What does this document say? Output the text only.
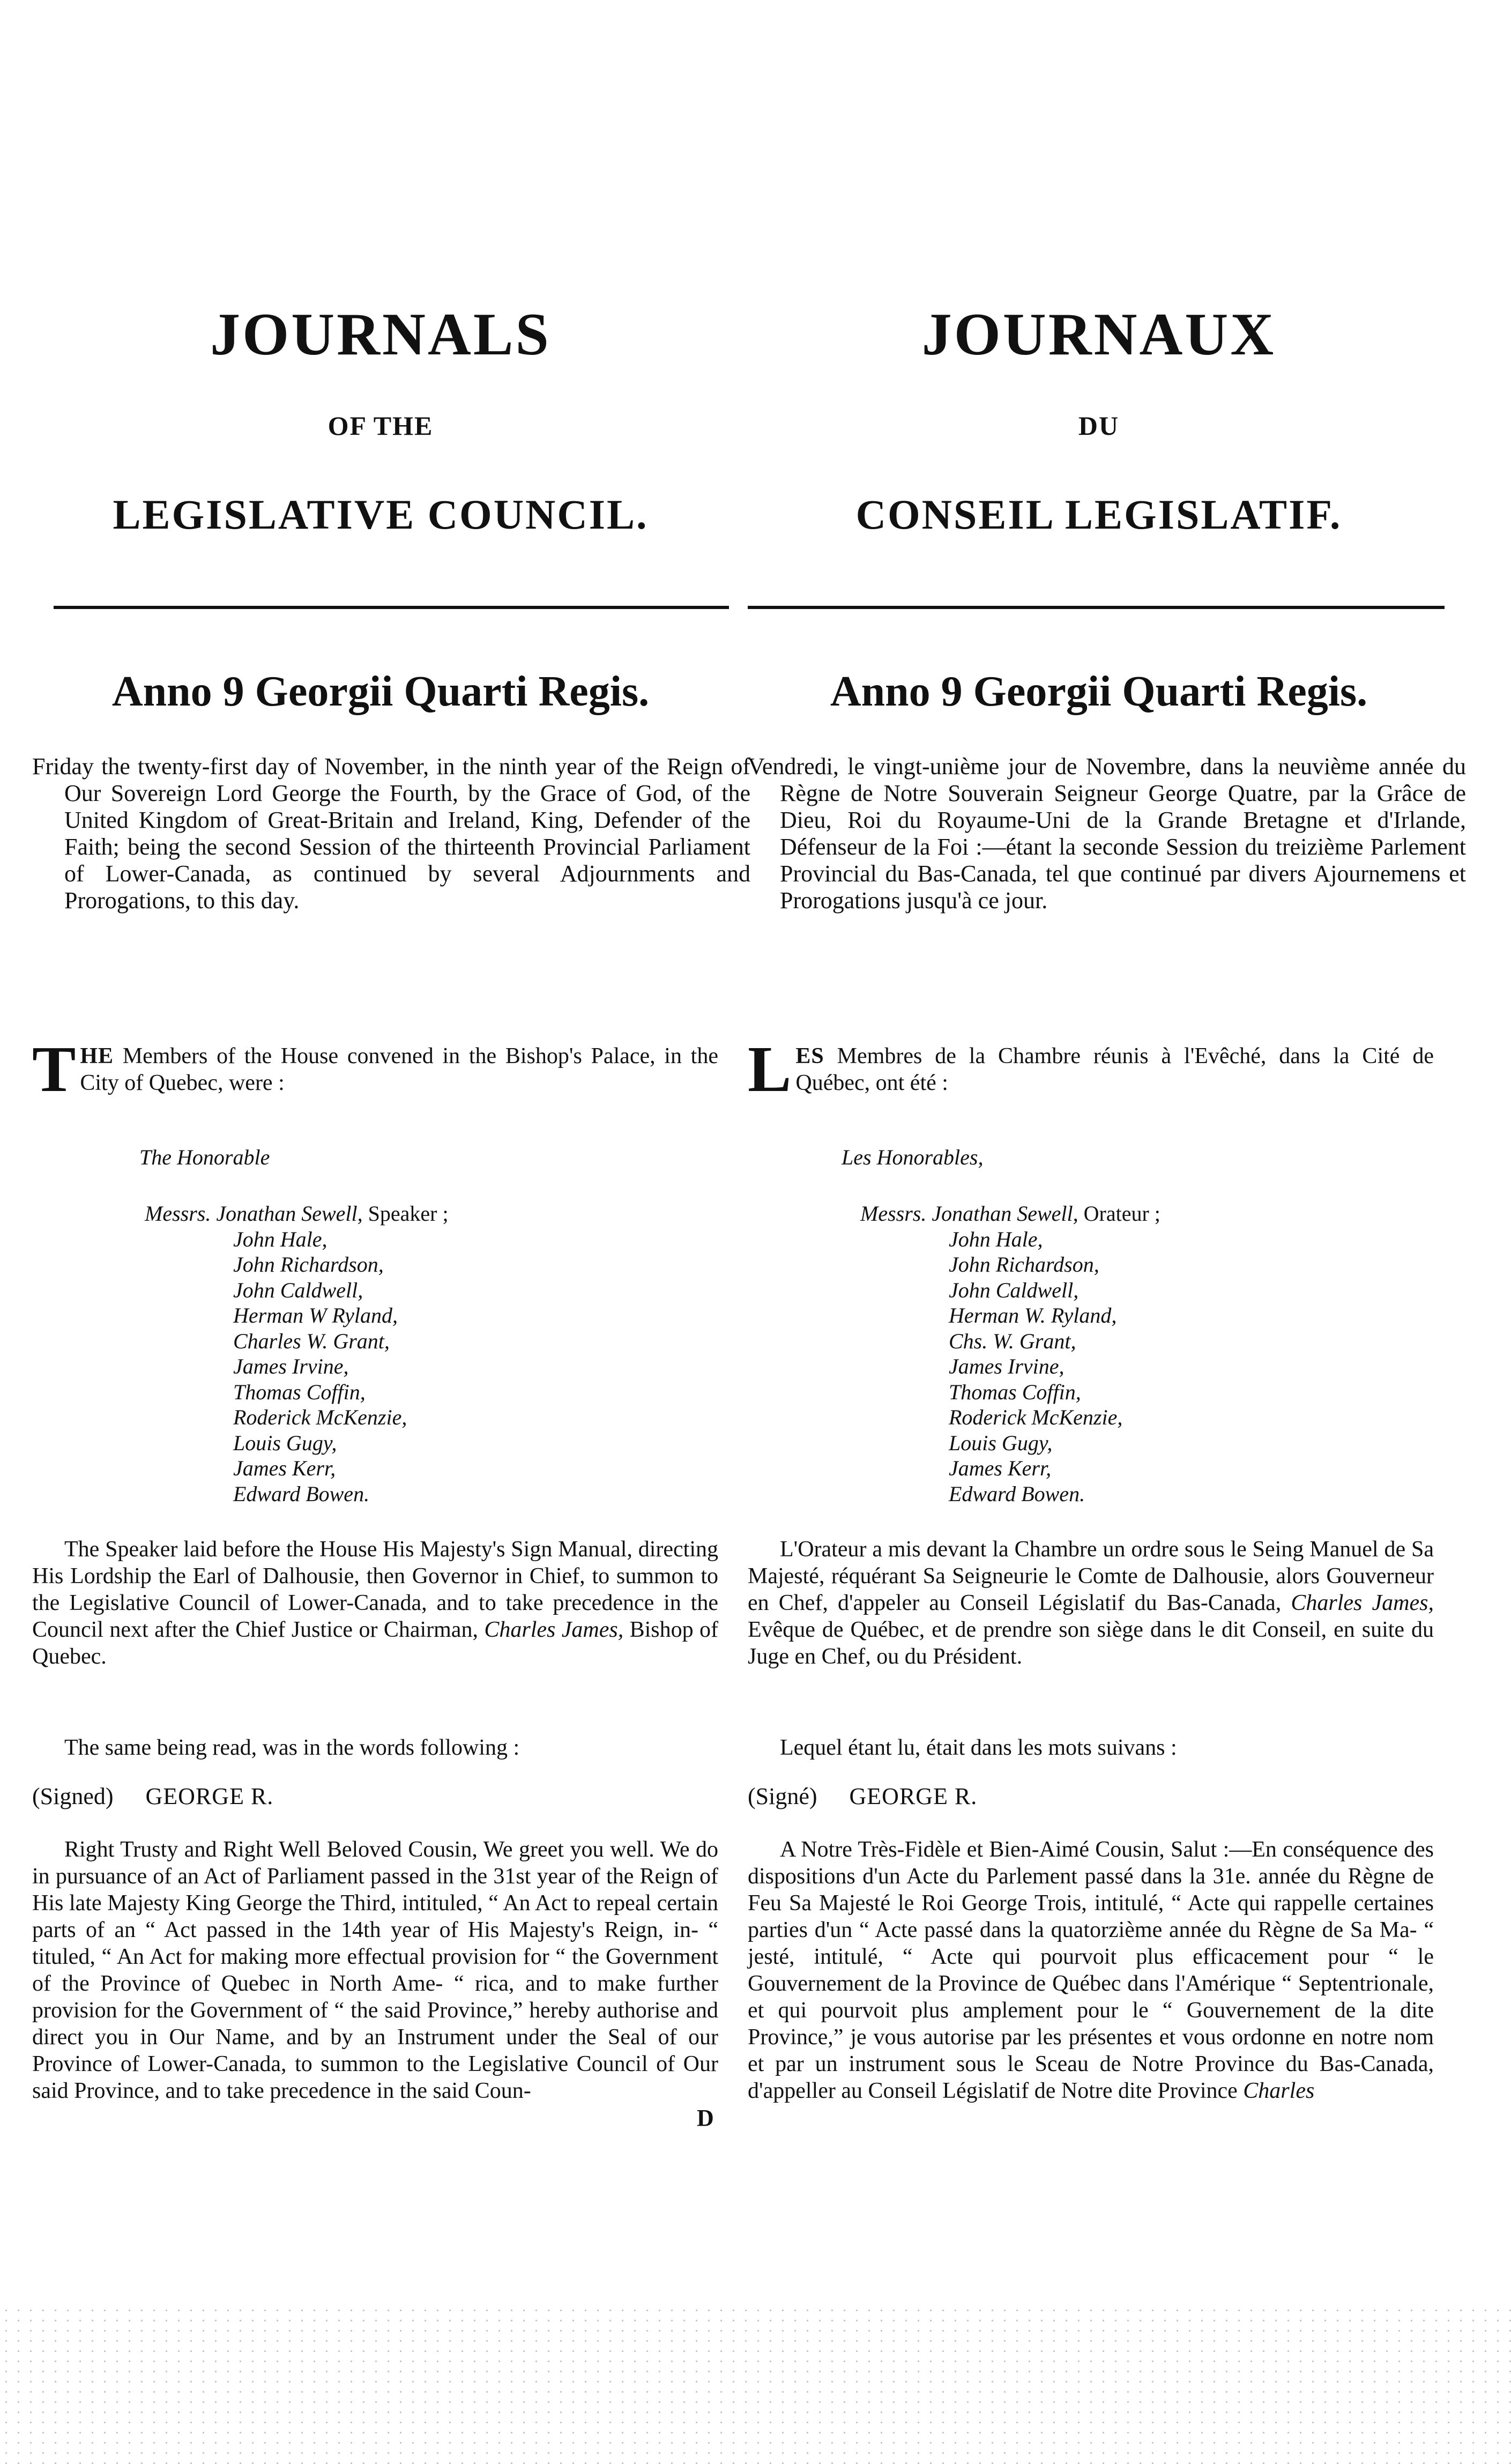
JOURNALS
OF THE
LEGISLATIVE COUNCIL.
Anno 9 Georgii Quarti Regis.
Friday the twenty-first day of November, in the ninth year of the Reign of Our Sovereign Lord George the Fourth, by the Grace of God, of the United Kingdom of Great-Britain and Ireland, King, Defender of the Faith; being the second Session of the thirteenth Provincial Parliament of Lower-Canada, as continued by several Adjournments and Prorogations, to this day.
THE Members of the House convened in the Bishop's Palace, in the City of Quebec, were :
The Honorable
Messrs. Jonathan Sewell, Speaker ;
John Hale,
John Richardson,
John Caldwell,
Herman W Ryland,
Charles W. Grant,
James Irvine,
Thomas Coffin,
Roderick McKenzie,
Louis Gugy,
James Kerr,
Edward Bowen.

The Speaker laid before the House His Majesty's Sign Manual, directing His Lordship the Earl of Dalhousie, then Governor in Chief, to summon to the Legislative Council of Lower-Canada, and to take precedence in the Council next after the Chief Justice or Chairman, Charles James, Bishop of Quebec.

The same being read, was in the words following :

(Signed) GEORGE R.

Right Trusty and Right Well Beloved Cousin, We greet you well. We do in pursuance of an Act of Parliament passed in the 31st year of the Reign of His late Majesty King George the Third, intituled, “ An Act to repeal certain parts of an “ Act passed in the 14th year of His Majesty's Reign, in- “ tituled, “ An Act for making more effectual provision for “ the Government of the Province of Quebec in North Ame- “ rica, and to make further provision for the Government of “ the said Province,” hereby authorise and direct you in Our Name, and by an Instrument under the Seal of our Province of Lower-Canada, to summon to the Legislative Council of Our said Province, and to take precedence in the said Coun-

D
JOURNAUX
DU
CONSEIL LEGISLATIF.
Anno 9 Georgii Quarti Regis.
Vendredi, le vingt-unième jour de Novembre, dans la neuvième année du Règne de Notre Souverain Seigneur George Quatre, par la Grâce de Dieu, Roi du Royaume-Uni de la Grande Bretagne et d'Irlande, Défenseur de la Foi :—étant la seconde Session du treizième Parlement Provincial du Bas-Canada, tel que continué par divers Ajournemens et Prorogations jusqu'à ce jour.
LES Membres de la Chambre réunis à l'Evêché, dans la Cité de Québec, ont été :
Les Honorables,
Messrs. Jonathan Sewell, Orateur ;
John Hale,
John Richardson,
John Caldwell,
Herman W. Ryland,
Chs. W. Grant,
James Irvine,
Thomas Coffin,
Roderick McKenzie,
Louis Gugy,
James Kerr,
Edward Bowen.

L'Orateur a mis devant la Chambre un ordre sous le Seing Manuel de Sa Majesté, réquérant Sa Seigneurie le Comte de Dalhousie, alors Gouverneur en Chef, d'appeler au Conseil Législatif du Bas-Canada, Charles James, Evêque de Québec, et de prendre son siège dans le dit Conseil, en suite du Juge en Chef, ou du Président.

Lequel étant lu, était dans les mots suivans :

(Signé) GEORGE R.

A Notre Très-Fidèle et Bien-Aimé Cousin, Salut :—En conséquence des dispositions d'un Acte du Parlement passé dans la 31e. année du Règne de Feu Sa Majesté le Roi George Trois, intitulé, “ Acte qui rappelle certaines parties d'un “ Acte passé dans la quatorzième année du Règne de Sa Ma- “ jesté, intitulé, “ Acte qui pourvoit plus efficacement pour “ le Gouvernement de la Province de Québec dans l'Amérique “ Septentrionale, et qui pourvoit plus amplement pour le “ Gouvernement de la dite Province,” je vous autorise par les présentes et vous ordonne en notre nom et par un instrument sous le Sceau de Notre Province du Bas-Canada, d'appeller au Conseil Législatif de Notre dite Province Charles
